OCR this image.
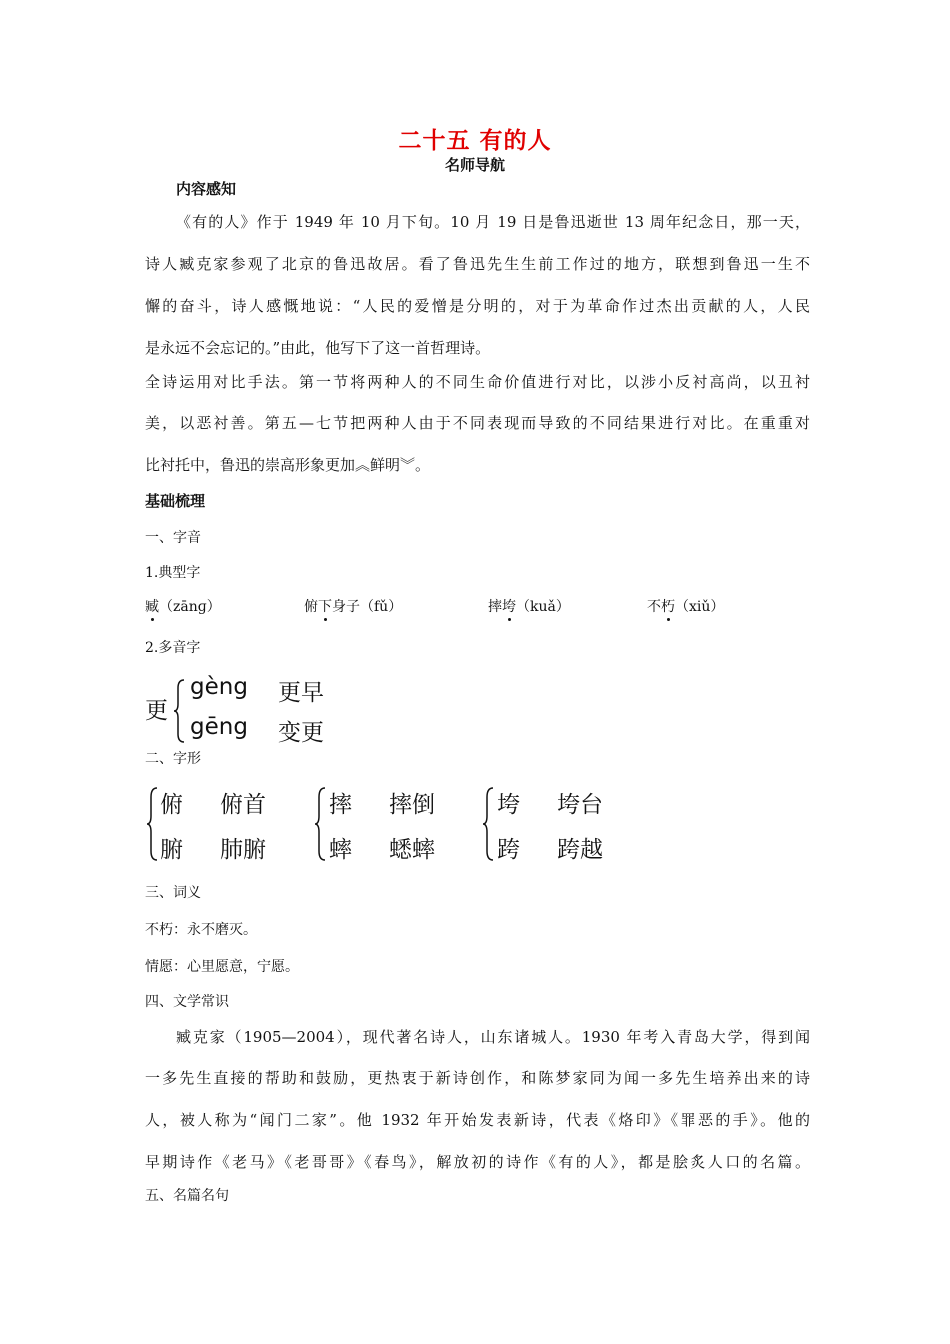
二十五 有的人
名师导航
内容感知
《有的人》作于 1949 年 10 月下旬。10 月 19 日是鲁迅逝世 13 周年纪念日，那一天，
诗人臧克家参观了北京的鲁迅故居。看了鲁迅先生生前工作过的地方，联想到鲁迅一生不
懈的奋斗，诗人感慨地说：“人民的爱憎是分明的，对于为革命作过杰出贡献的人，人民
是永远不会忘记的。”由此，他写下了这一首哲理诗。
全诗运用对比手法。第一节将两种人的不同生命价值进行对比，以涉小反衬高尚，以丑衬
美，以恶衬善。第五—七节把两种人由于不同表现而导致的不同结果进行对比。在重重对
比衬托中，鲁迅的崇高形象更加︽鲜明︾。
基础梳理
一、字音
1.典型字
臧（zānɡ）	俯下身子（fǔ）	摔垮（kuǎ）	不朽（xiǔ）
2.多音字
更
gèng 更早
gēng 变更
二、字形
俯 俯首
腑 肺腑
摔 摔倒
蟀 蟋蟀
垮 垮台
跨 跨越
三、词义
不朽：永不磨灭。
情愿：心里愿意，宁愿。
四、文学常识
臧克家（1905—2004），现代著名诗人，山东诸城人。1930 年考入青岛大学，得到闻
一多先生直接的帮助和鼓励，更热衷于新诗创作，和陈梦家同为闻一多先生培养出来的诗
人，被人称为“闻门二家”。他 1932 年开始发表新诗，代表《烙印》《罪恶的手》。他的
早期诗作《老马》《老哥哥》《春鸟》，解放初的诗作《有的人》，都是脍炙人口的名篇。
五、名篇名句
